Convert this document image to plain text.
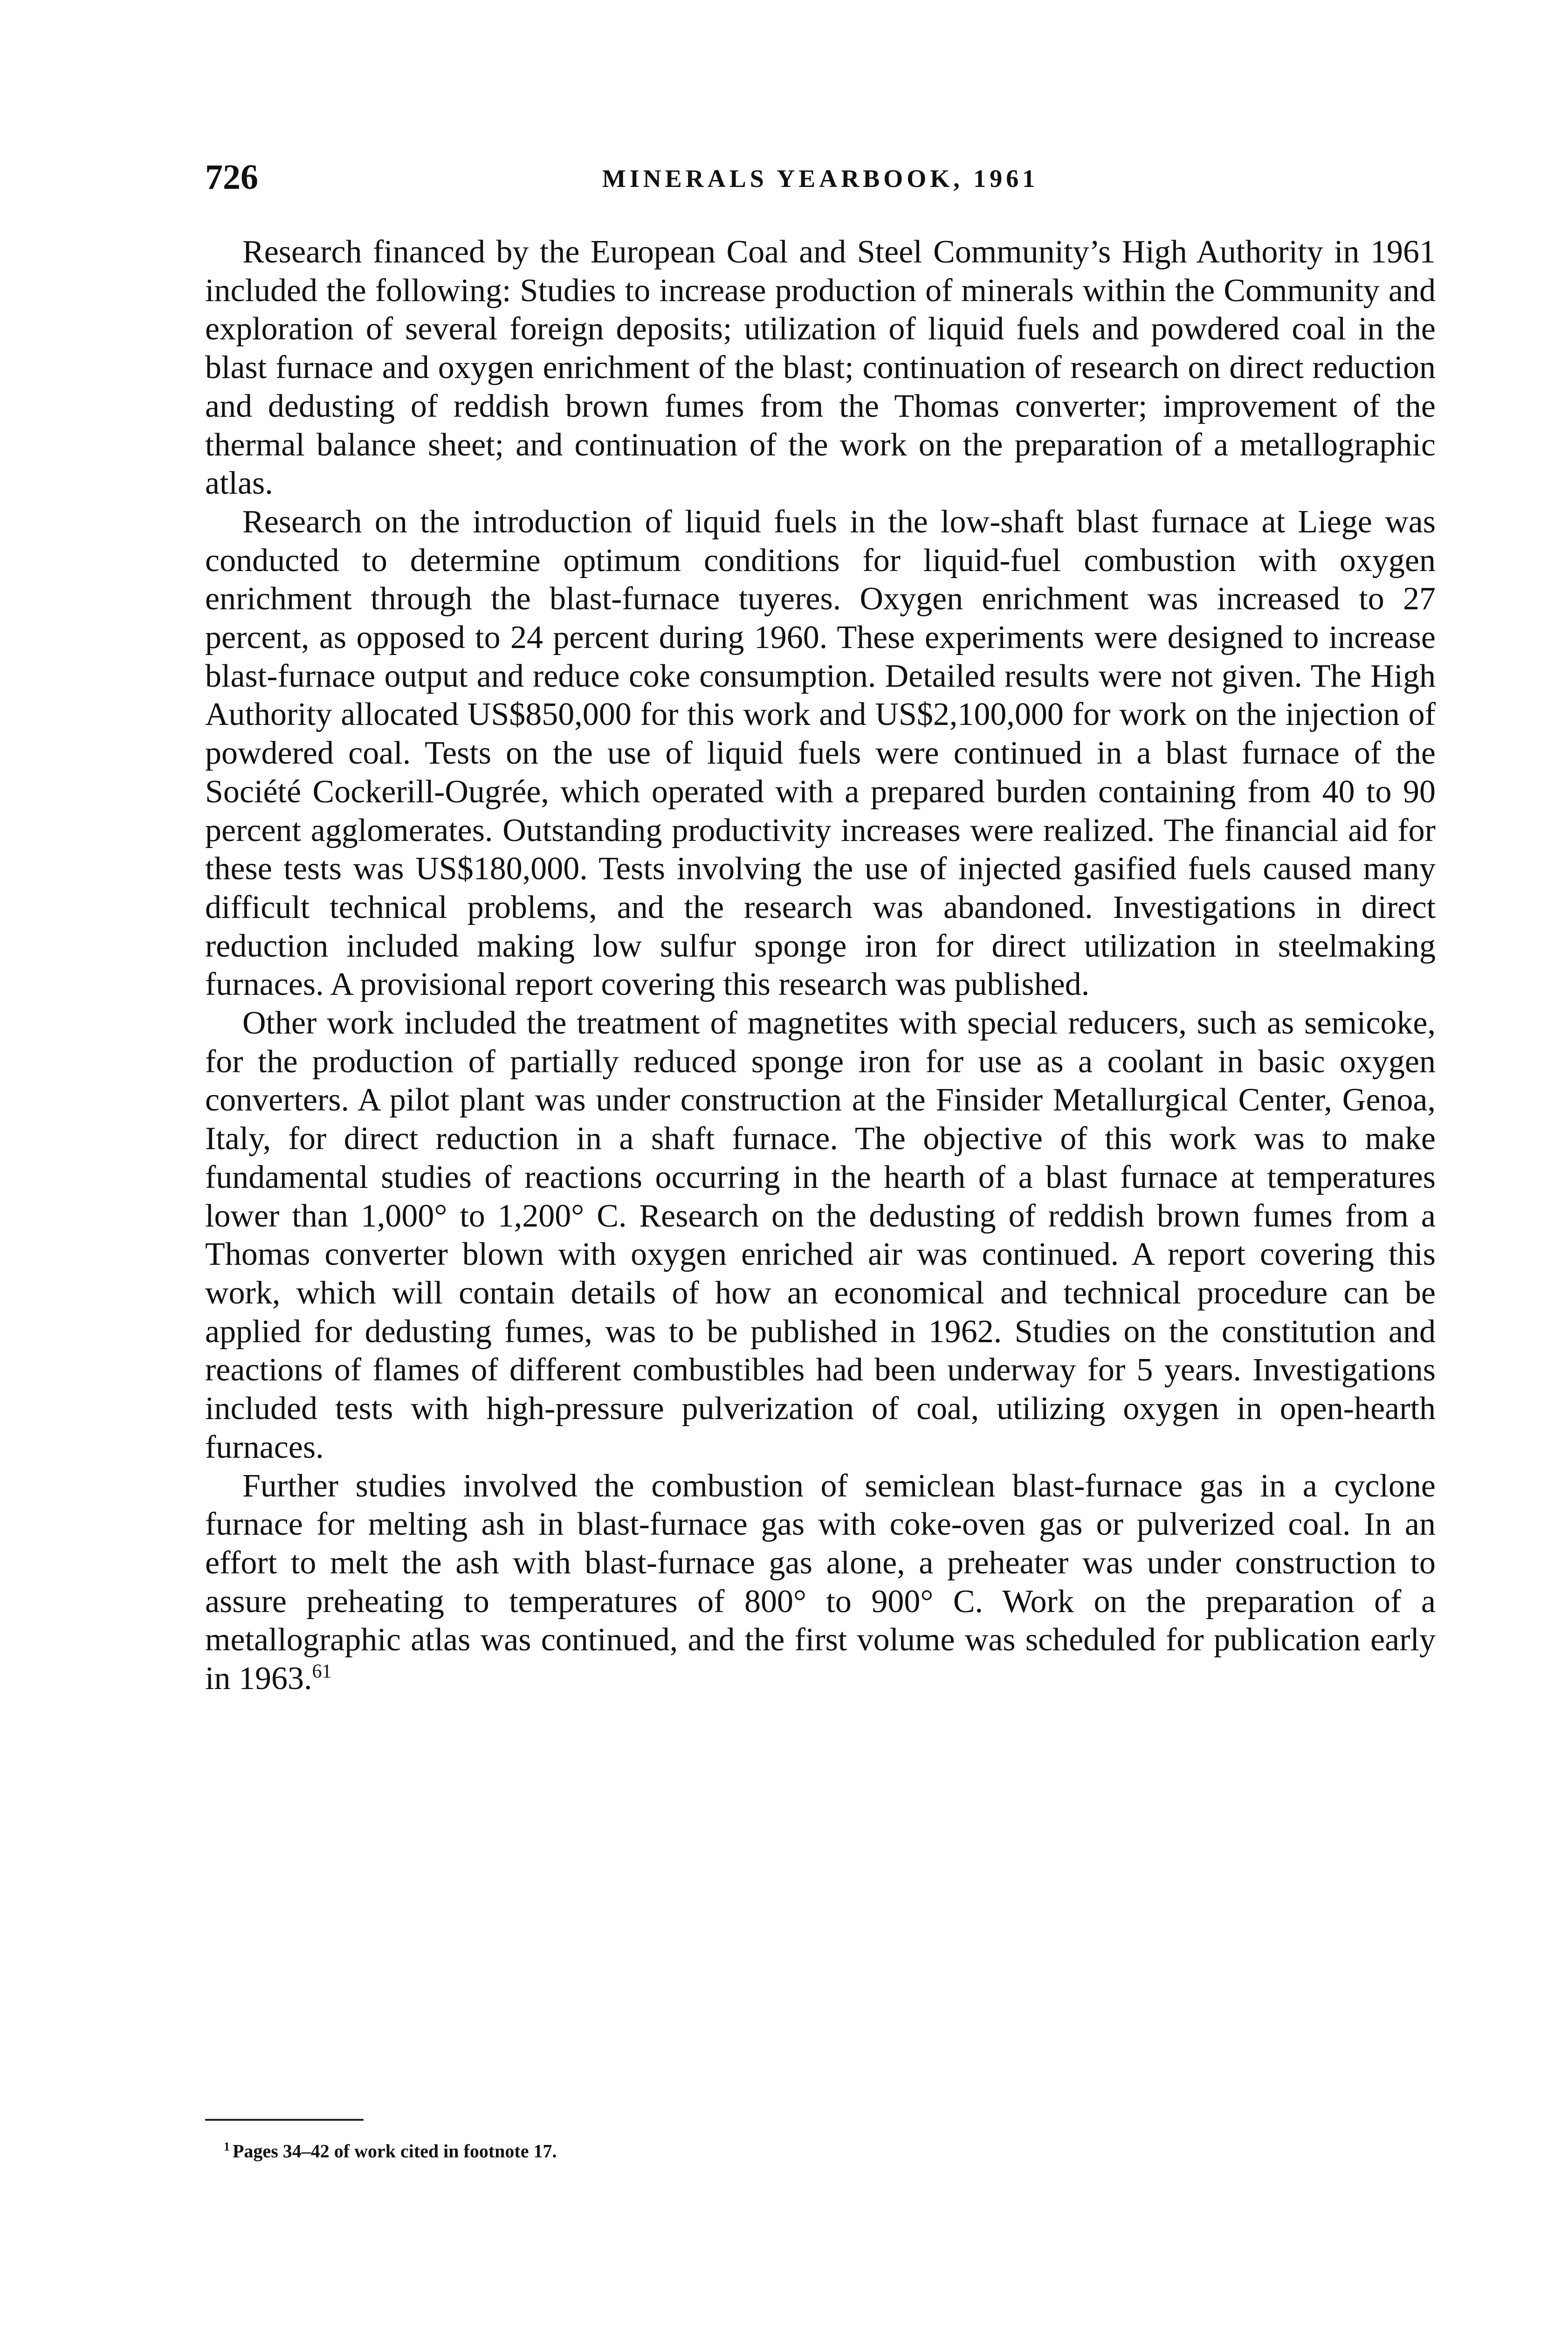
726	MINERALS YEARBOOK, 1961

Research financed by the European Coal and Steel Community’s High Authority in 1961 included the following: Studies to increase production of minerals within the Community and exploration of several foreign deposits; utilization of liquid fuels and powdered coal in the blast furnace and oxygen enrichment of the blast; continuation of research on direct reduction and dedusting of reddish brown fumes from the Thomas converter; improvement of the thermal balance sheet; and continuation of the work on the preparation of a metallographic atlas.

Research on the introduction of liquid fuels in the low-shaft blast furnace at Liege was conducted to determine optimum conditions for liquid-fuel combustion with oxygen enrichment through the blast-furnace tuyeres. Oxygen enrichment was increased to 27 percent, as opposed to 24 percent during 1960. These experiments were designed to increase blast-furnace output and reduce coke consumption. Detailed results were not given. The High Authority allocated US$850,000 for this work and US$2,100,000 for work on the injection of powdered coal. Tests on the use of liquid fuels were continued in a blast furnace of the Société Cockerill-Ougrée, which operated with a prepared burden containing from 40 to 90 percent agglomerates. Outstanding productivity increases were realized. The financial aid for these tests was US$180,000. Tests involving the use of injected gasified fuels caused many difficult technical problems, and the research was abandoned. Investigations in direct reduction included making low sulfur sponge iron for direct utilization in steelmaking furnaces. A provisional report covering this research was published.

Other work included the treatment of magnetites with special reducers, such as semicoke, for the production of partially reduced sponge iron for use as a coolant in basic oxygen converters. A pilot plant was under construction at the Finsider Metallurgical Center, Genoa, Italy, for direct reduction in a shaft furnace. The objective of this work was to make fundamental studies of reactions occurring in the hearth of a blast furnace at temperatures lower than 1,000° to 1,200° C. Research on the dedusting of reddish brown fumes from a Thomas converter blown with oxygen enriched air was continued. A report covering this work, which will contain details of how an economical and technical procedure can be applied for dedusting fumes, was to be published in 1962. Studies on the constitution and reactions of flames of different combustibles had been underway for 5 years. Investigations included tests with high-pressure pulverization of coal, utilizing oxygen in open-hearth furnaces.

Further studies involved the combustion of semiclean blast-furnace gas in a cyclone furnace for melting ash in blast-furnace gas with coke-oven gas or pulverized coal. In an effort to melt the ash with blast-furnace gas alone, a preheater was under construction to assure preheating to temperatures of 800° to 900° C. Work on the preparation of a metallographic atlas was continued, and the first volume was scheduled for publication early in 1963.61

$^1$ Pages 34–42 of work cited in footnote 17.
